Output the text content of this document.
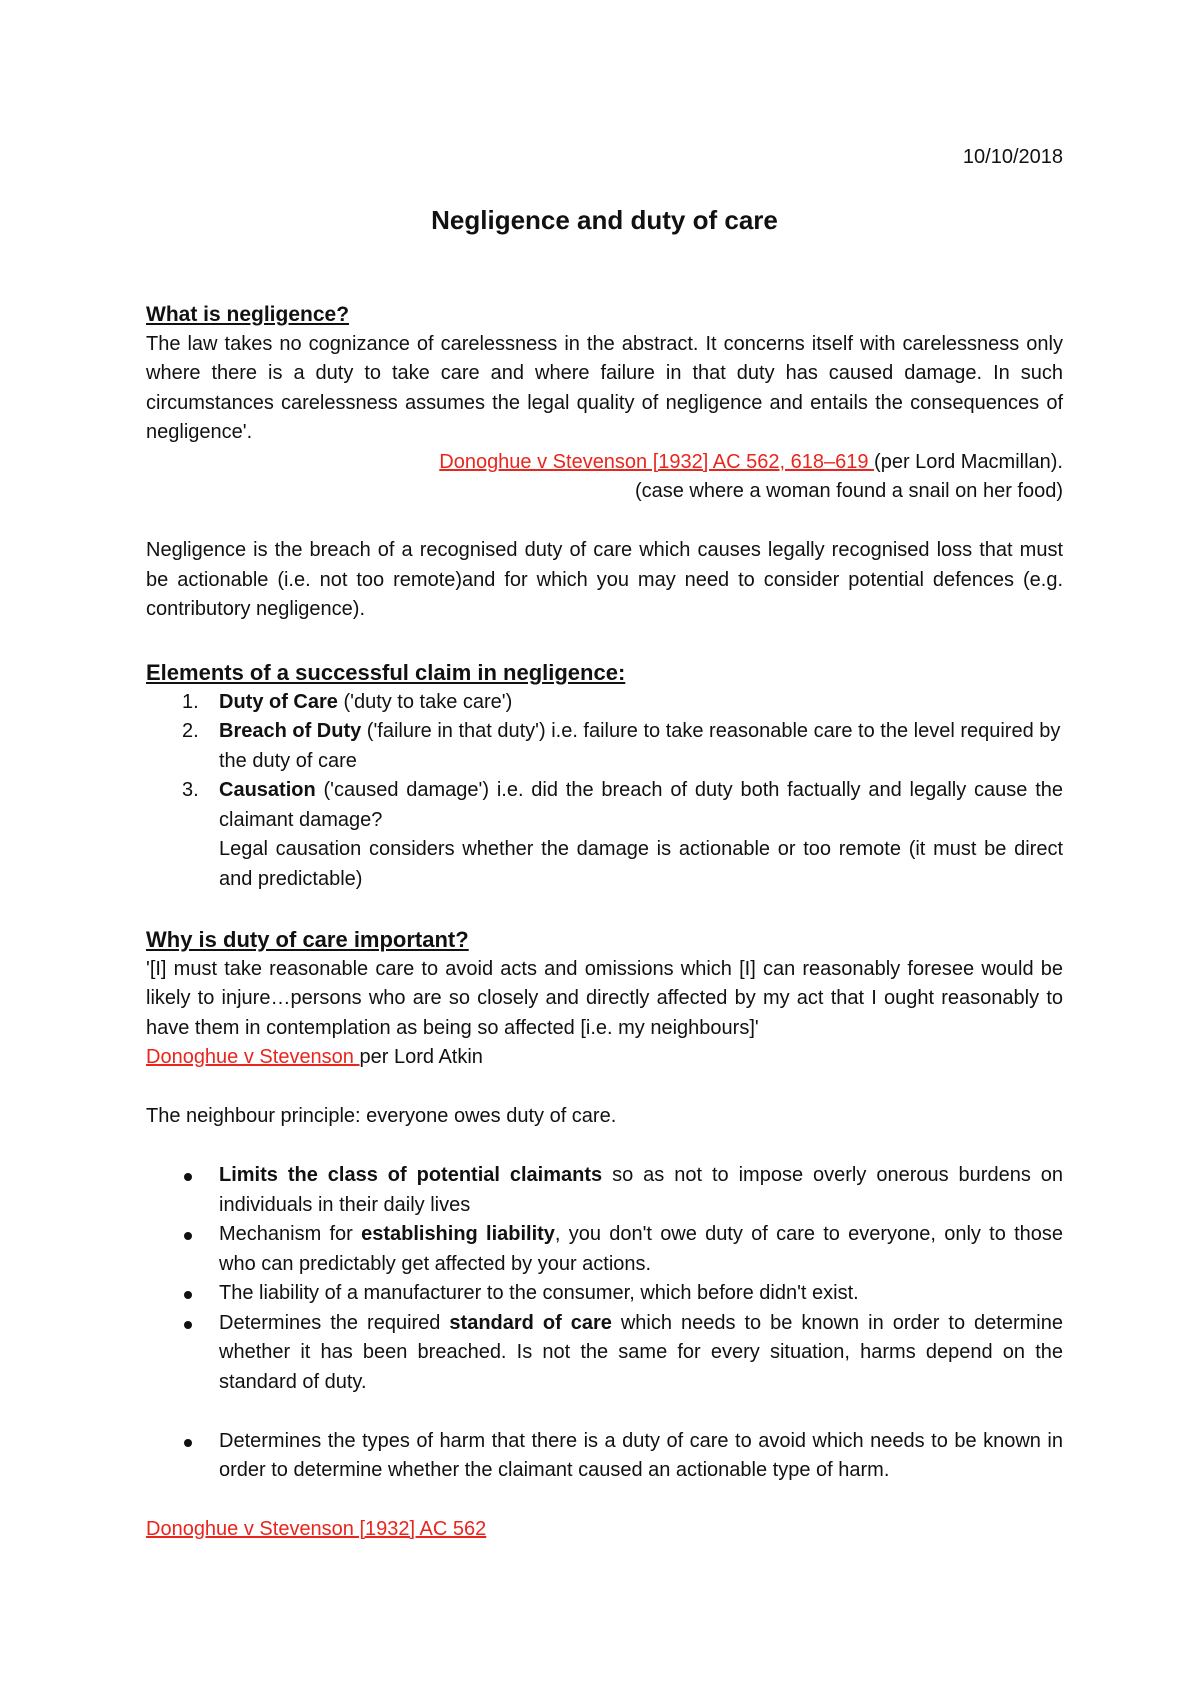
10/10/2018
Negligence and duty of care
What is negligence?
The law takes no cognizance of carelessness in the abstract. It concerns itself with carelessness only where there is a duty to take care and where failure in that duty has caused damage. In such circumstances carelessness assumes the legal quality of negligence and entails the consequences of negligence'.
Donoghue v Stevenson [1932] AC 562, 618–619 (per Lord Macmillan).
(case where a woman found a snail on her food)
Negligence is the breach of a recognised duty of care which causes legally recognised loss that must be actionable (i.e. not too remote)and for which you may need to consider potential defences (e.g. contributory negligence).
Elements of a successful claim in negligence:
1. Duty of Care ('duty to take care')
2. Breach of Duty ('failure in that duty') i.e. failure to take reasonable care to the level required by the duty of care
3. Causation ('caused damage') i.e. did the breach of duty both factually and legally cause the claimant damage?
Legal causation considers whether the damage is actionable or too remote (it must be direct and predictable)
Why is duty of care important?
'[I] must take reasonable care to avoid acts and omissions which [I] can reasonably foresee would be likely to injure…persons who are so closely and directly affected by my act that I ought reasonably to have them in contemplation as being so affected [i.e. my neighbours]'
Donoghue v Stevenson per Lord Atkin
The neighbour principle: everyone owes duty of care.
Limits the class of potential claimants so as not to impose overly onerous burdens on individuals in their daily lives
Mechanism for establishing liability, you don't owe duty of care to everyone, only to those who can predictably get affected by your actions.
The liability of a manufacturer to the consumer, which before didn't exist.
Determines the required standard of care which needs to be known in order to determine whether it has been breached. Is not the same for every situation, harms depend on the standard of duty.
Determines the types of harm that there is a duty of care to avoid which needs to be known in order to determine whether the claimant caused an actionable type of harm.
Donoghue v Stevenson [1932] AC 562
